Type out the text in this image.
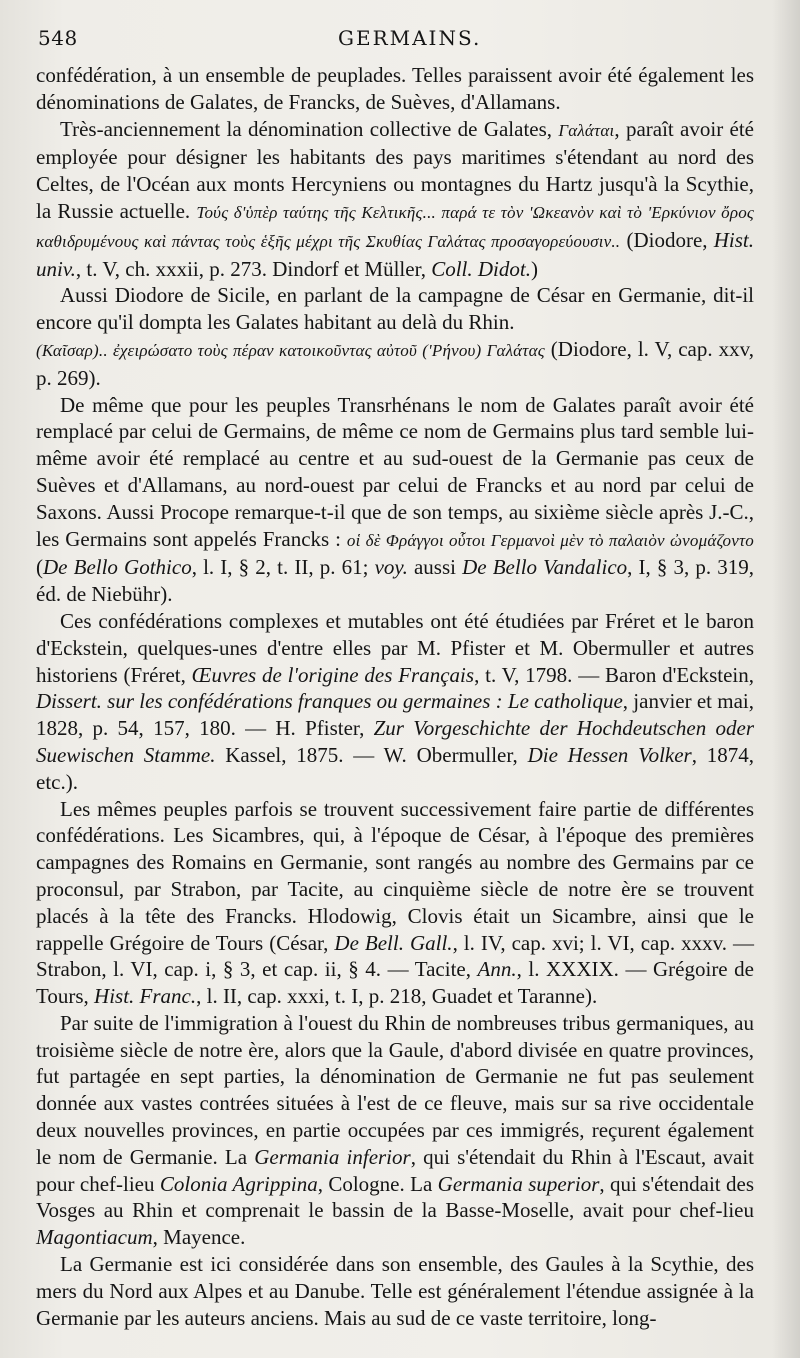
548	GERMAINS.

confédération, à un ensemble de peuplades. Telles paraissent avoir été également les dénominations de Galates, de Francks, de Suèves, d'Allamans.

Très-anciennement la dénomination collective de Galates, Γαλάται, paraît avoir été employée pour désigner les habitants des pays maritimes s'étendant au nord des Celtes, de l'Océan aux monts Hercyniens ou montagnes du Hartz jusqu'à la Scythie, la Russie actuelle. Τούς δ'ὑπὲρ ταύτης τῆς Κελτικῆς... παρά τε τὸν 'Ωκεανὸν καὶ τὸ 'Ερκύνιον ὄρος καθιδρυμένους καὶ πάντας τοὺς ἑξῆς μέχρι τῆς Σκυθίας Γαλάτας προσαγορεύουσιν.. (Diodore, Hist. univ., t. V, ch. xxxii, p. 273. Dindorf et Müller, Coll. Didot.)

Aussi Diodore de Sicile, en parlant de la campagne de César en Germanie, dit-il encore qu'il dompta les Galates habitant au delà du Rhin.

(Καῖσαρ).. ἐχειρώσατο τοὺς πέραν κατοικοῦντας αὐτοῦ ('Ρήνου) Γαλάτας (Diodore, l. V, cap. xxv, p. 269).

De même que pour les peuples Transrhénans le nom de Galates paraît avoir été remplacé par celui de Germains, de même ce nom de Germains plus tard semble lui-même avoir été remplacé au centre et au sud-ouest de la Germanie pas ceux de Suèves et d'Allamans, au nord-ouest par celui de Francks et au nord par celui de Saxons. Aussi Procope remarque-t-il que de son temps, au sixième siècle après J.-C., les Germains sont appelés Francks : οἱ δὲ Φράγγοι οὗτοι Γερμανοὶ μὲν τὸ παλαιὸν ὠνομάζοντο (De Bello Gothico, l. I, § 2, t. II, p. 61; voy. aussi De Bello Vandalico, I, § 3, p. 319, éd. de Niebühr).

Ces confédérations complexes et mutables ont été étudiées par Fréret et le baron d'Eckstein, quelques-unes d'entre elles par M. Pfister et M. Obermuller et autres historiens (Fréret, Œuvres de l'origine des Français, t. V, 1798. — Baron d'Eckstein, Dissert. sur les confédérations franques ou germaines : Le catholique, janvier et mai, 1828, p. 54, 157, 180. — H. Pfister, Zur Vorgeschichte der Hochdeutschen oder Suewischen Stamme. Kassel, 1875. — W. Obermuller, Die Hessen Volker, 1874, etc.).

Les mêmes peuples parfois se trouvent successivement faire partie de différentes confédérations. Les Sicambres, qui, à l'époque de César, à l'époque des premières campagnes des Romains en Germanie, sont rangés au nombre des Germains par ce proconsul, par Strabon, par Tacite, au cinquième siècle de notre ère se trouvent placés à la tête des Francks. Hlodowig, Clovis était un Sicambre, ainsi que le rappelle Grégoire de Tours (César, De Bell. Gall., l. IV, cap. xvi; l. VI, cap. xxxv. — Strabon, l. VI, cap. i, § 3, et cap. ii, § 4. — Tacite, Ann., l. XXXIX. — Grégoire de Tours, Hist. Franc., l. II, cap. xxxi, t. I, p. 218, Guadet et Taranne).

Par suite de l'immigration à l'ouest du Rhin de nombreuses tribus germaniques, au troisième siècle de notre ère, alors que la Gaule, d'abord divisée en quatre provinces, fut partagée en sept parties, la dénomination de Germanie ne fut pas seulement donnée aux vastes contrées situées à l'est de ce fleuve, mais sur sa rive occidentale deux nouvelles provinces, en partie occupées par ces immigrés, reçurent également le nom de Germanie. La Germania inferior, qui s'étendait du Rhin à l'Escaut, avait pour chef-lieu Colonia Agrippina, Cologne. La Germania superior, qui s'étendait des Vosges au Rhin et comprenait le bassin de la Basse-Moselle, avait pour chef-lieu Magontiacum, Mayence.

La Germanie est ici considérée dans son ensemble, des Gaules à la Scythie, des mers du Nord aux Alpes et au Danube. Telle est généralement l'étendue assignée à la Germanie par les auteurs anciens. Mais au sud de ce vaste territoire, long-
